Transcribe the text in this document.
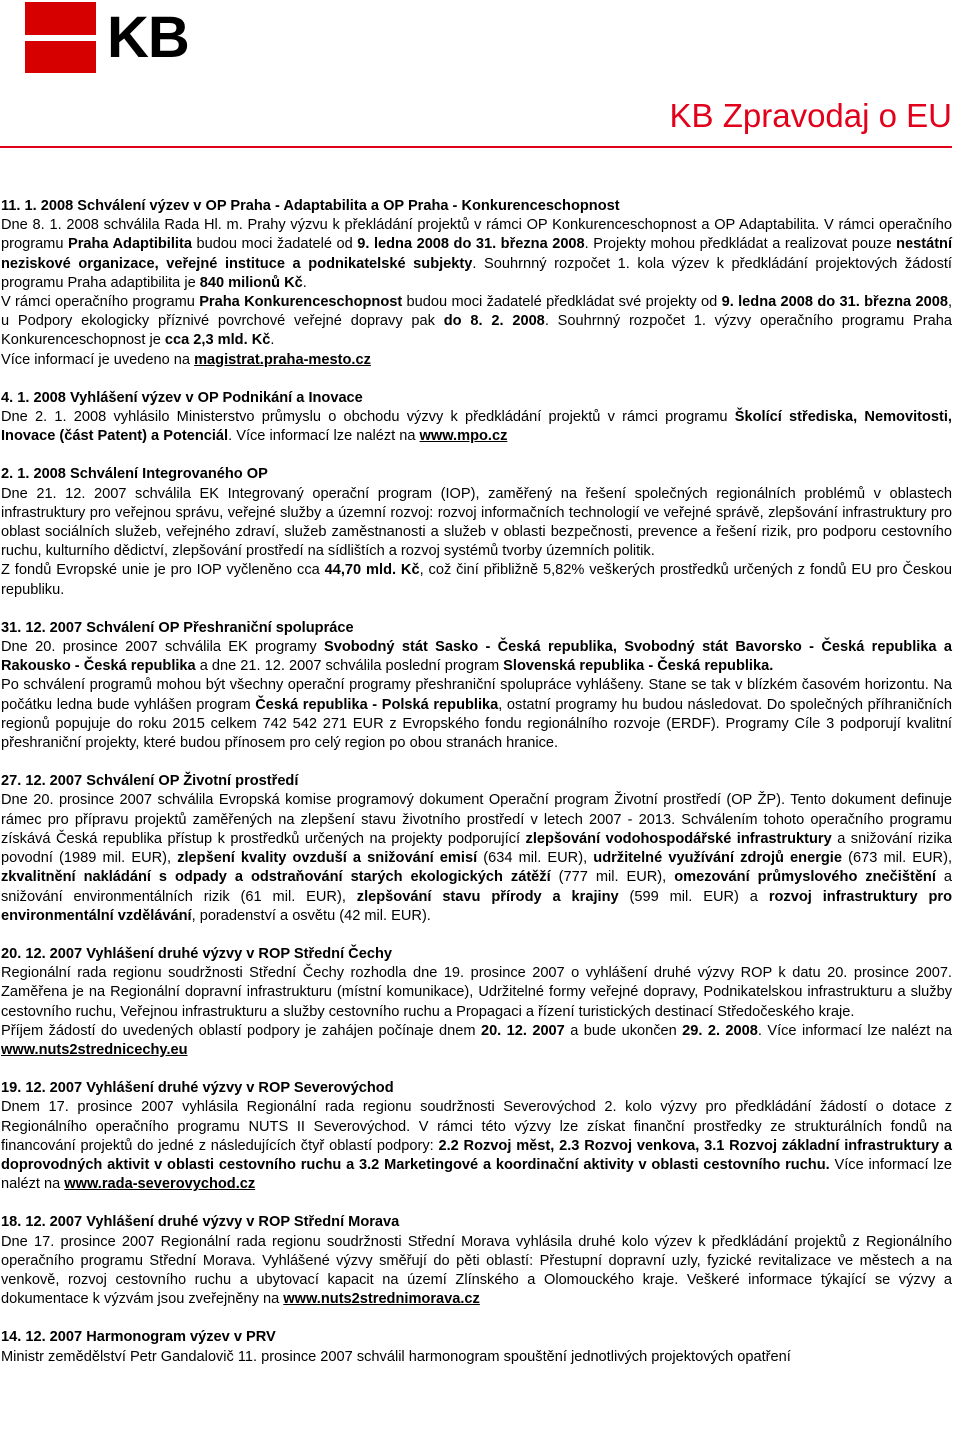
KB
KB Zpravodaj o EU
11. 1. 2008 Schválení výzev v OP Praha - Adaptabilita a OP Praha - Konkurenceschopnost
Dne 8. 1. 2008 schválila Rada Hl. m. Prahy výzvu k překládání projektů v rámci OP Konkurenceschopnost a OP Adaptabilita. V rámci operačního programu Praha Adaptibilita budou moci žadatelé od 9. ledna 2008 do 31. března 2008. Projekty mohou předkládat a realizovat pouze nestátní neziskové organizace, veřejné instituce a podnikatelské subjekty. Souhrnný rozpočet 1. kola výzev k předkládání projektových žádostí programu Praha adaptibilita je 840 milionů Kč.
V rámci operačního programu Praha Konkurenceschopnost budou moci žadatelé předkládat své projekty od 9. ledna 2008 do 31. března 2008, u Podpory ekologicky příznivé povrchové veřejné dopravy pak do 8. 2. 2008. Souhrnný rozpočet 1. výzvy operačního programu Praha Konkurenceschopnost je cca 2,3 mld. Kč.
Více informací je uvedeno na magistrat.praha-mesto.cz
4. 1. 2008 Vyhlášení výzev v OP Podnikání a Inovace
Dne 2. 1. 2008 vyhlásilo Ministerstvo průmyslu o obchodu výzvy k předkládání projektů v rámci programu Školící střediska, Nemovitosti, Inovace (část Patent) a Potenciál. Více informací lze nalézt na www.mpo.cz
2. 1. 2008 Schválení Integrovaného OP
Dne 21. 12. 2007 schválila EK Integrovaný operační program (IOP), zaměřený na řešení společných regionálních problémů v oblastech infrastruktury pro veřejnou správu, veřejné služby a územní rozvoj: rozvoj informačních technologií ve veřejné správě, zlepšování infrastruktury pro oblast sociálních služeb, veřejného zdraví, služeb zaměstnanosti a služeb v oblasti bezpečnosti, prevence a řešení rizik, pro podporu cestovního ruchu, kulturního dědictví, zlepšování prostředí na sídlištích a rozvoj systémů tvorby územních politik.
Z fondů Evropské unie je pro IOP vyčleněno cca 44,70 mld. Kč, což činí přibližně 5,82% veškerých prostředků určených z fondů EU pro Českou republiku.
31. 12. 2007 Schválení OP Přeshraniční spolupráce
Dne 20. prosince 2007 schválila EK programy Svobodný stát Sasko - Česká republika, Svobodný stát Bavorsko - Česká republika a Rakousko - Česká republika a dne 21. 12. 2007 schválila poslední program Slovenská republika - Česká republika.
Po schválení programů mohou být všechny operační programy přeshraniční spolupráce vyhlášeny. Stane se tak v blízkém časovém horizontu. Na počátku ledna bude vyhlášen program Česká republika - Polská republika, ostatní programy hu budou následovat. Do společných příhraničních regionů popujuje do roku 2015 celkem 742 542 271 EUR z Evropského fondu regionálního rozvoje (ERDF). Programy Cíle 3 podporují kvalitní přeshraniční projekty, které budou přínosem pro celý region po obou stranách hranice.
27. 12. 2007 Schválení OP Životní prostředí
Dne 20. prosince 2007 schválila Evropská komise programový dokument Operační program Životní prostředí (OP ŽP). Tento dokument definuje rámec pro přípravu projektů zaměřených na zlepšení stavu životního prostředí v letech 2007 - 2013. Schválením tohoto operačního programu získává Česká republika přístup k prostředků určených na projekty podporující zlepšování vodohospodářské infrastruktury a snižování rizika povodní (1989 mil. EUR), zlepšení kvality ovzduší a snižování emisí (634 mil. EUR), udržitelné využívání zdrojů energie (673 mil. EUR), zkvalitnění nakládání s odpady a odstraňování starých ekologických zátěží (777 mil. EUR), omezování průmyslového znečištění a snižování environmentálních rizik (61 mil. EUR), zlepšování stavu přírody a krajiny (599 mil. EUR) a rozvoj infrastruktury pro environmentální vzdělávání, poradenství a osvětu (42 mil. EUR).
20. 12. 2007 Vyhlášení druhé výzvy v ROP Střední Čechy
Regionální rada regionu soudržnosti Střední Čechy rozhodla dne 19. prosince 2007 o vyhlášení druhé výzvy ROP k datu 20. prosince 2007. Zaměřena je na Regionální dopravní infrastrukturu (místní komunikace), Udržitelné formy veřejné dopravy, Podnikatelskou infrastrukturu a služby cestovního ruchu, Veřejnou infrastrukturu a služby cestovního ruchu a Propagaci a řízení turistických destinací Středočeského kraje.
Příjem žádostí do uvedených oblastí podpory je zahájen počínaje dnem 20. 12. 2007 a bude ukončen 29. 2. 2008. Více informací lze nalézt na www.nuts2strednicechy.eu
19. 12. 2007 Vyhlášení druhé výzvy v ROP Severovýchod
Dnem 17. prosince 2007 vyhlásila Regionální rada regionu soudržnosti Severovýchod 2. kolo výzvy pro předkládání žádostí o dotace z Regionálního operačního programu NUTS II Severovýchod. V rámci této výzvy lze získat finanční prostředky ze strukturálních fondů na financování projektů do jedné z následujících čtyř oblastí podpory: 2.2 Rozvoj měst, 2.3 Rozvoj venkova, 3.1 Rozvoj základní infrastruktury a doprovodných aktivit v oblasti cestovního ruchu a 3.2 Marketingové a koordinační aktivity v oblasti cestovního ruchu. Více informací lze nalézt na www.rada-severovychod.cz
18. 12. 2007 Vyhlášení druhé výzvy v ROP Střední Morava
Dne 17. prosince 2007 Regionální rada regionu soudržnosti Střední Morava vyhlásila druhé kolo výzev k předkládání projektů z Regionálního operačního programu Střední Morava. Vyhlášené výzvy směřují do pěti oblastí: Přestupní dopravní uzly, fyzické revitalizace ve městech a na venkově, rozvoj cestovního ruchu a ubytovací kapacit na území Zlínského a Olomouckého kraje. Veškeré informace týkající se výzvy a dokumentace k výzvám jsou zveřejněny na www.nuts2strednimorava.cz
14. 12. 2007 Harmonogram výzev v PRV
Ministr zemědělství Petr Gandalovič 11. prosince 2007 schválil harmonogram spouštění jednotlivých projektových opatření
